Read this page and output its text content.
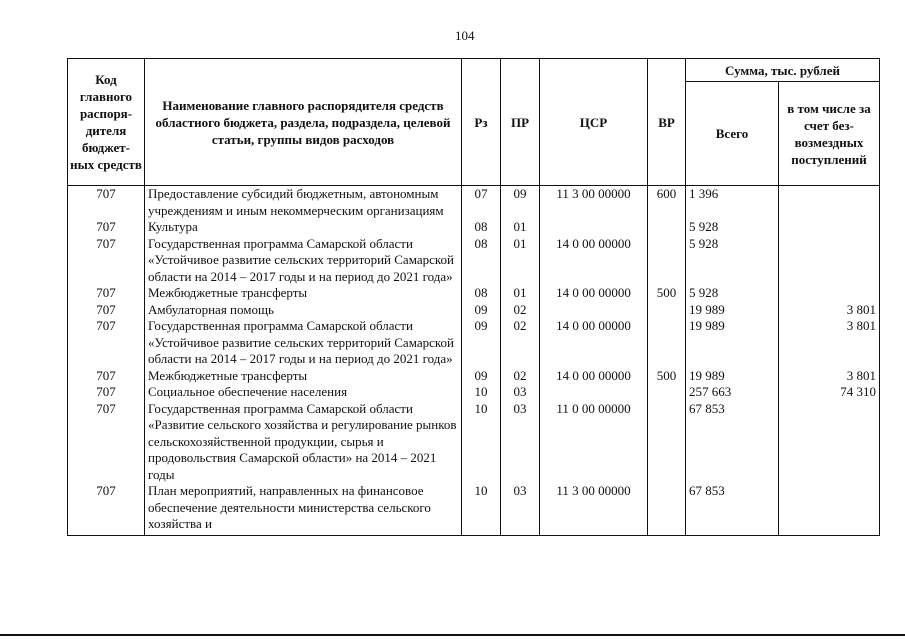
104
Код главного распоря-дителя бюджет-ных средств	Наименование главного распорядителя средств областного бюджета, раздела, подраздела, целевой статьи, группы видов расходов	Рз	ПР	ЦСР	ВР	Сумма, тыс. рублей	
						Всего	в том числе за счет без-возмездных поступлений
707	Предоставление субсидий бюджетным, автономным учреждениям и иным некоммерческим организациям	07	09	11 3 00 00000	600	1 396	
707	Культура	08	01			5 928	
707	Государственная программа Самарской области «Устойчивое развитие сельских территорий Самарской области на 2014 – 2017 годы и на период до 2021 года»	08	01	14 0 00 00000		5 928	
707	Межбюджетные трансферты	08	01	14 0 00 00000	500	5 928	
707	Амбулаторная помощь	09	02			19 989	3 801
707	Государственная программа Самарской области «Устойчивое развитие сельских территорий Самарской области на 2014 – 2017 годы и на период до 2021 года»	09	02	14 0 00 00000		19 989	3 801
707	Межбюджетные трансферты	09	02	14 0 00 00000	500	19 989	3 801
707	Социальное обеспечение населения	10	03			257 663	74 310
707	Государственная программа Самарской области «Развитие сельского хозяйства и регулирование рынков сельскохозяйственной продукции, сырья и продовольствия Самарской области» на 2014 – 2021 годы	10	03	11 0 00 00000		67 853	
707	План мероприятий, направленных на финансовое обеспечение деятельности министерства сельского хозяйства и	10	03	11 3 00 00000		67 853	
